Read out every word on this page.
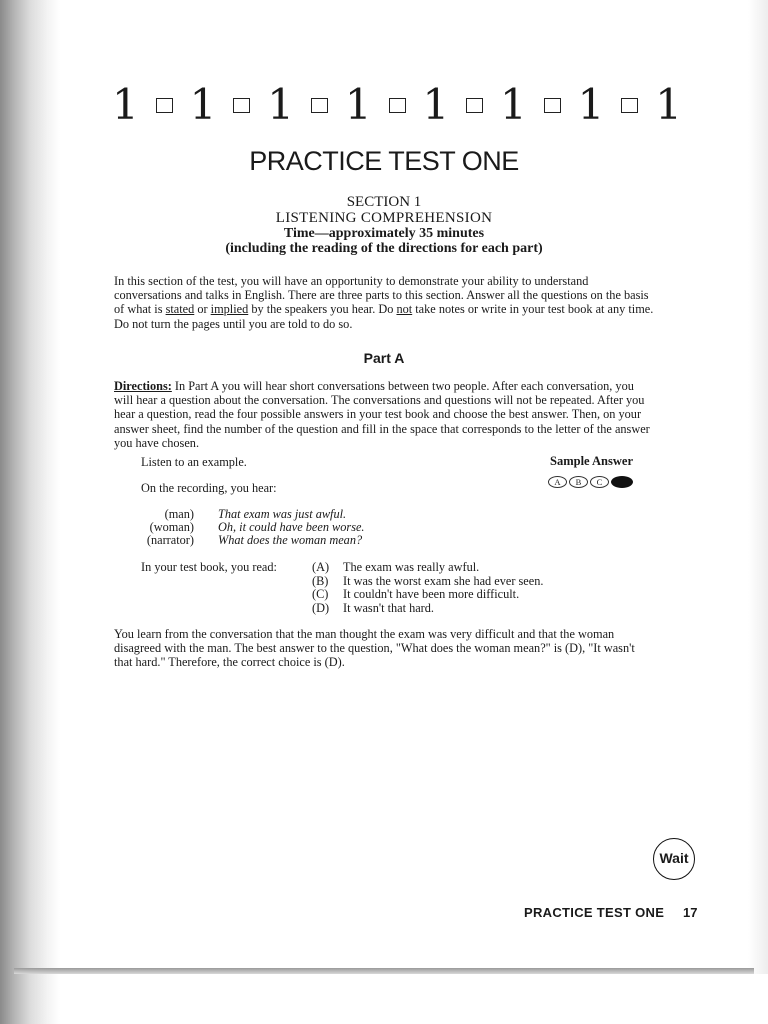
1 1 1 1 1 1 1 1
PRACTICE TEST ONE
SECTION 1
LISTENING COMPREHENSION
Time—approximately 35 minutes
(including the reading of the directions for each part)
In this section of the test, you will have an opportunity to demonstrate your ability to understand conversations and talks in English. There are three parts to this section. Answer all the questions on the basis of what is stated or implied by the speakers you hear. Do not take notes or write in your test book at any time. Do not turn the pages until you are told to do so.
Part A
Directions: In Part A you will hear short conversations between two people. After each conversation, you will hear a question about the conversation. The conversations and questions will not be repeated. After you hear a question, read the four possible answers in your test book and choose the best answer. Then, on your answer sheet, find the number of the question and fill in the space that corresponds to the letter of the answer you have chosen.
Listen to an example.	Sample Answer
A	B	C
On the recording, you hear:
(man) That exam was just awful.
(woman) Oh, it could have been worse.
(narrator) What does the woman mean?
In your test book, you read:	(A) The exam was really awful.
(B) It was the worst exam she had ever seen.
(C) It couldn't have been more difficult.
(D) It wasn't that hard.
You learn from the conversation that the man thought the exam was very difficult and that the woman disagreed with the man. The best answer to the question, "What does the woman mean?" is (D), "It wasn't that hard." Therefore, the correct choice is (D).
Wait
PRACTICE TEST ONE 17
